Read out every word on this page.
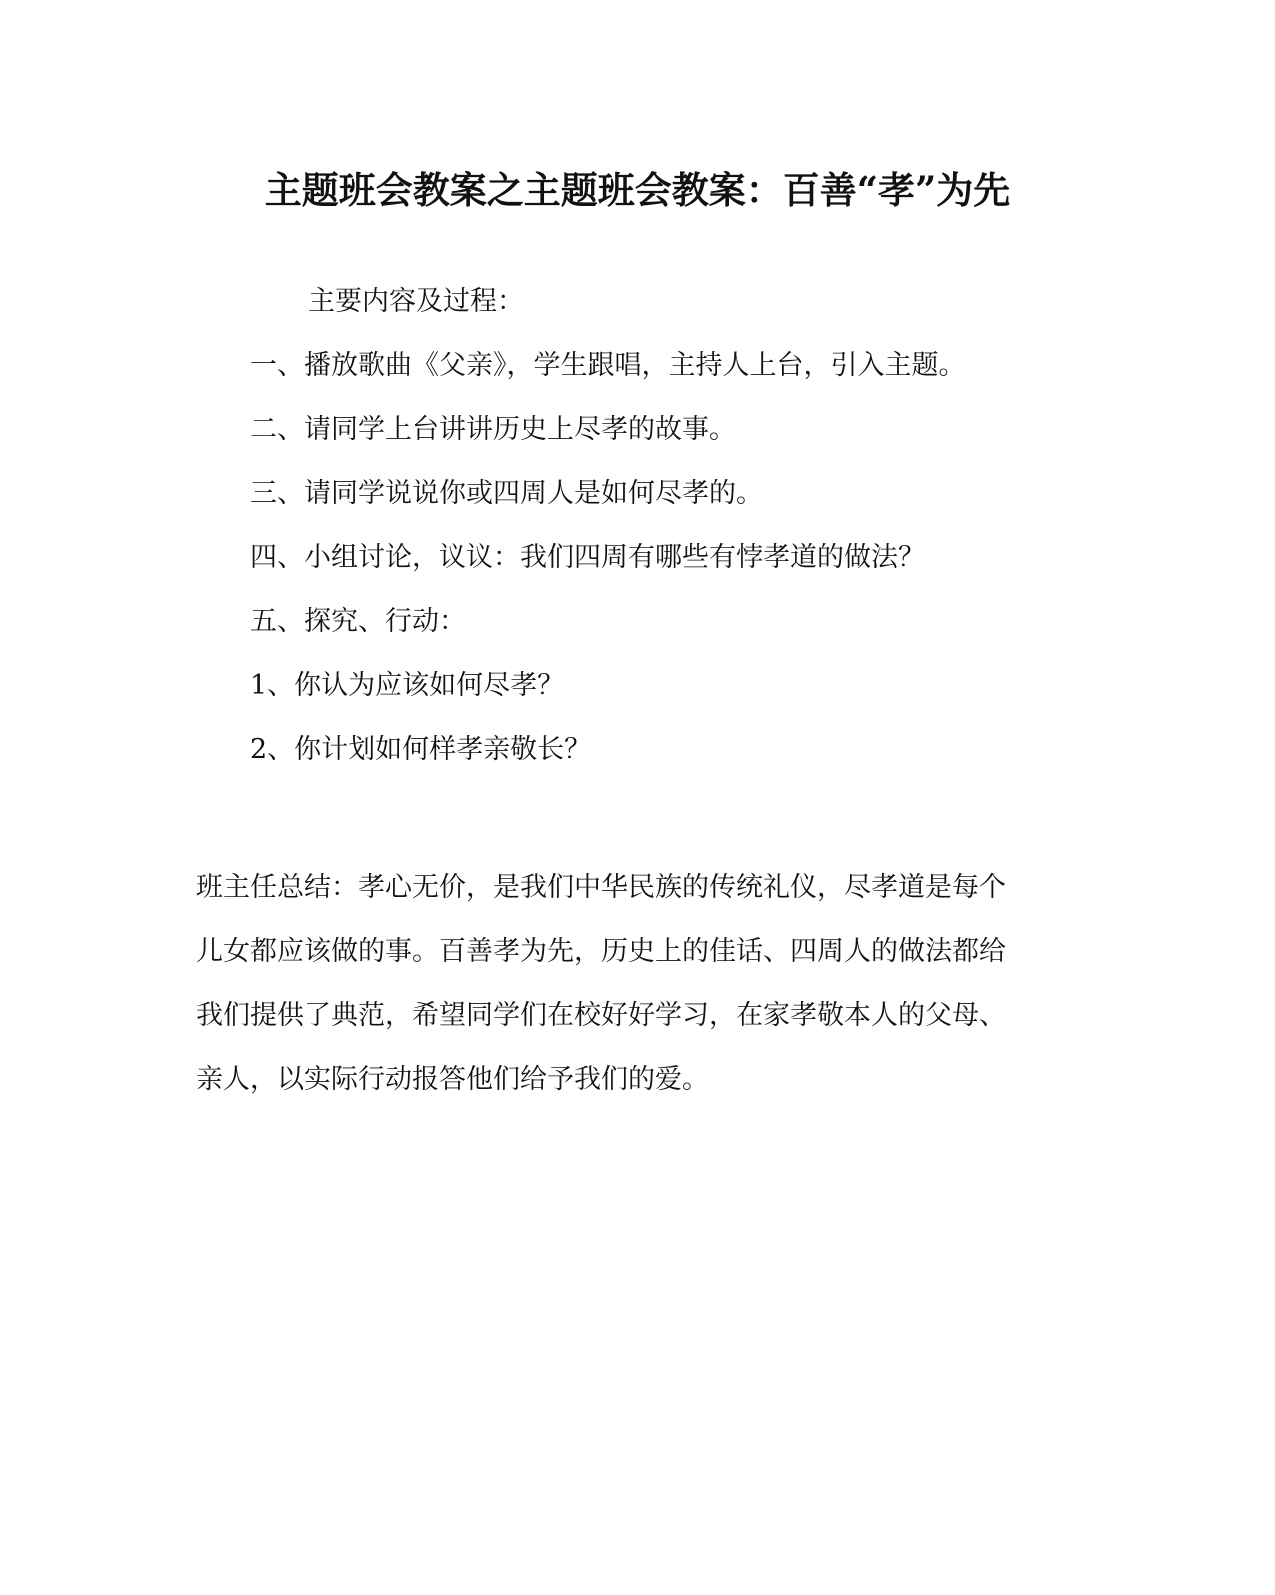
主题班会教案之主题班会教案：百善“孝”为先
主要内容及过程：
一、播放歌曲《父亲》，学生跟唱，主持人上台，引入主题。
二、请同学上台讲讲历史上尽孝的故事。
三、请同学说说你或四周人是如何尽孝的。
四、小组讨论，议议：我们四周有哪些有悖孝道的做法？
五、探究、行动：
1、你认为应该如何尽孝？
2、你计划如何样孝亲敬长？
班主任总结：孝心无价，是我们中华民族的传统礼仪，尽孝道是每个
儿女都应该做的事。百善孝为先，历史上的佳话、四周人的做法都给
我们提供了典范，希望同学们在校好好学习，在家孝敬本人的父母、
亲人，以实际行动报答他们给予我们的爱。
